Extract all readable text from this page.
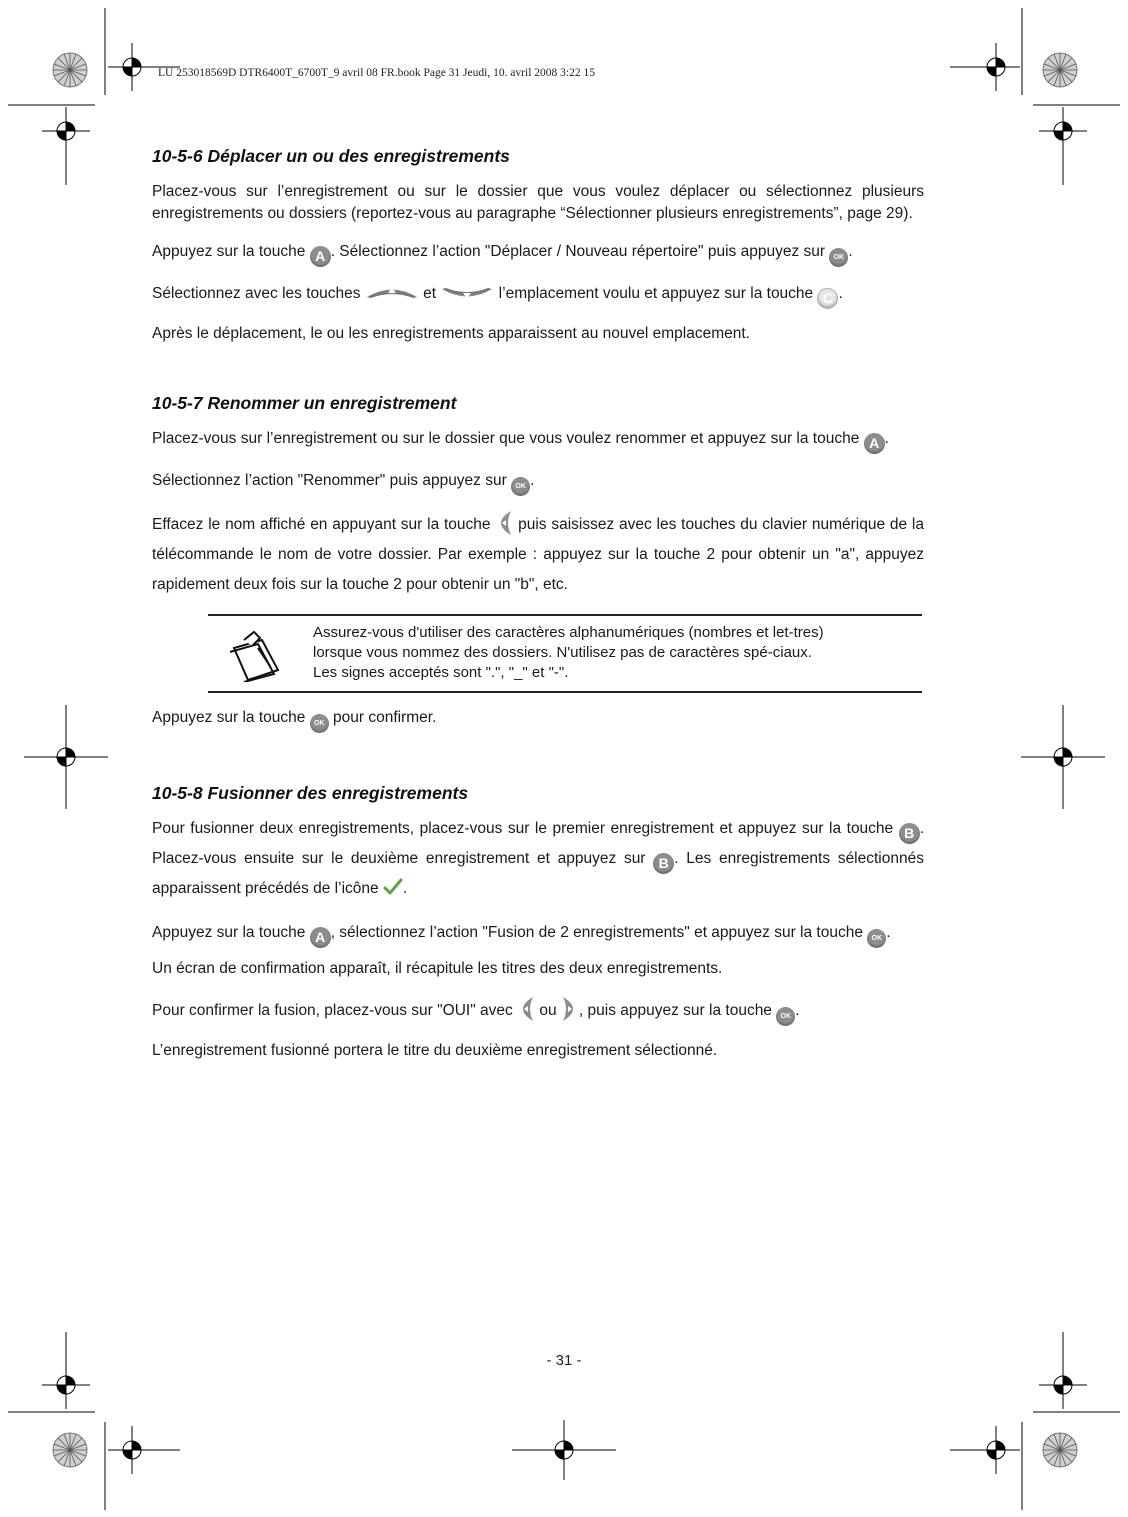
LU 253018569D DTR6400T_6700T_9 avril 08 FR.book Page 31 Jeudi, 10. avril 2008 3:22 15
10-5-6 Déplacer un ou des enregistrements

Placez-vous sur l’enregistrement ou sur le dossier que vous voulez déplacer ou sélectionnez plusieurs enregistrements ou dossiers (reportez-vous au paragraphe “Sélectionner plusieurs enregistrements”, page 29).

Appuyez sur la touche A . Sélectionnez l’action "Déplacer / Nouveau répertoire" puis appuyez sur OK .

Sélectionnez avec les touches	et	l’emplacement voulu et appuyez sur la touche C .

Après le déplacement, le ou les enregistrements apparaissent au nouvel emplacement.

10-5-7 Renommer un enregistrement

Placez-vous sur l’enregistrement ou sur le dossier que vous voulez renommer et appuyez sur la touche A .

Sélectionnez l’action "Renommer" puis appuyez sur OK .

Effacez le nom affiché en appuyant sur la touche  puis saisissez avec les touches du clavier numérique de la télécommande le nom de votre dossier. Par exemple : appuyez sur la touche 2 pour obtenir un "a", appuyez rapidement deux fois sur la touche 2 pour obtenir un "b", etc.

Assurez-vous d'utiliser des caractères alphanumériques (nombres et let-tres) lorsque vous nommez des dossiers. N'utilisez pas de caractères spé-ciaux. Les signes acceptés sont ".", "_" et "-".

Appuyez sur la touche OK pour confirmer.

10-5-8 Fusionner des enregistrements

Pour fusionner deux enregistrements, placez-vous sur le premier enregistrement et appuyez sur la touche B . Placez-vous ensuite sur le deuxième enregistrement et appuyez sur B . Les enregistrements sélectionnés apparaissent précédés de l’icône .

Appuyez sur la touche A , sélectionnez l’action "Fusion de 2 enregistrements" et appuyez sur la touche OK .

Un écran de confirmation apparaît, il récapitule les titres des deux enregistrements.

Pour confirmer la fusion, placez-vous sur "OUI" avec  ou , puis appuyez sur la touche OK .

L’enregistrement fusionné portera le titre du deuxième enregistrement sélectionné.

- 31 -
